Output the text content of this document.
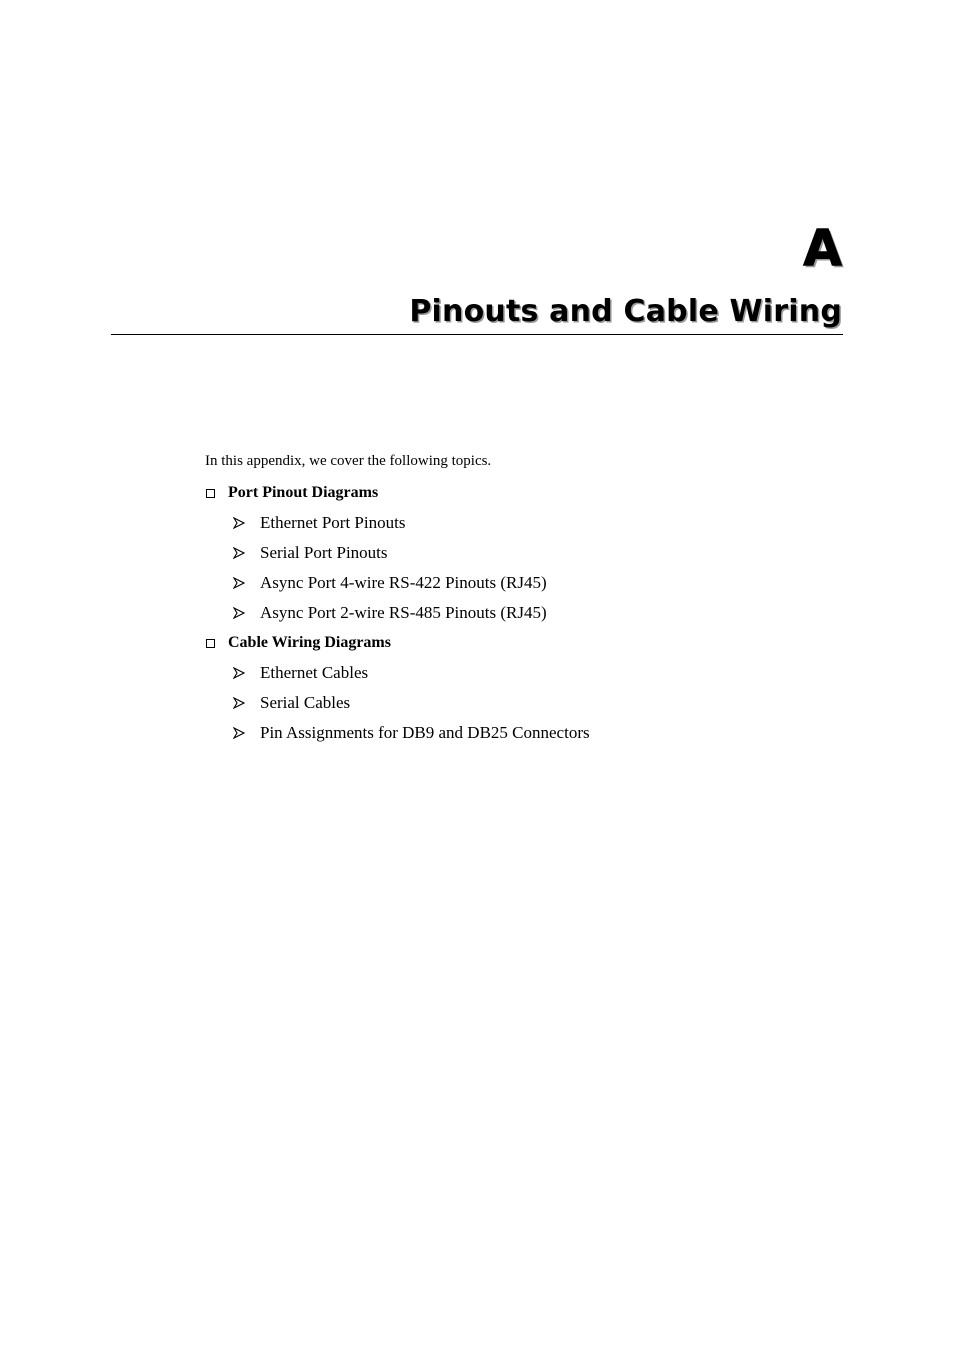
A
Pinouts and Cable Wiring
In this appendix, we cover the following topics.
Port Pinout Diagrams
Ethernet Port Pinouts
Serial Port Pinouts
Async Port 4-wire RS-422 Pinouts (RJ45)
Async Port 2-wire RS-485 Pinouts (RJ45)
Cable Wiring Diagrams
Ethernet Cables
Serial Cables
Pin Assignments for DB9 and DB25 Connectors
